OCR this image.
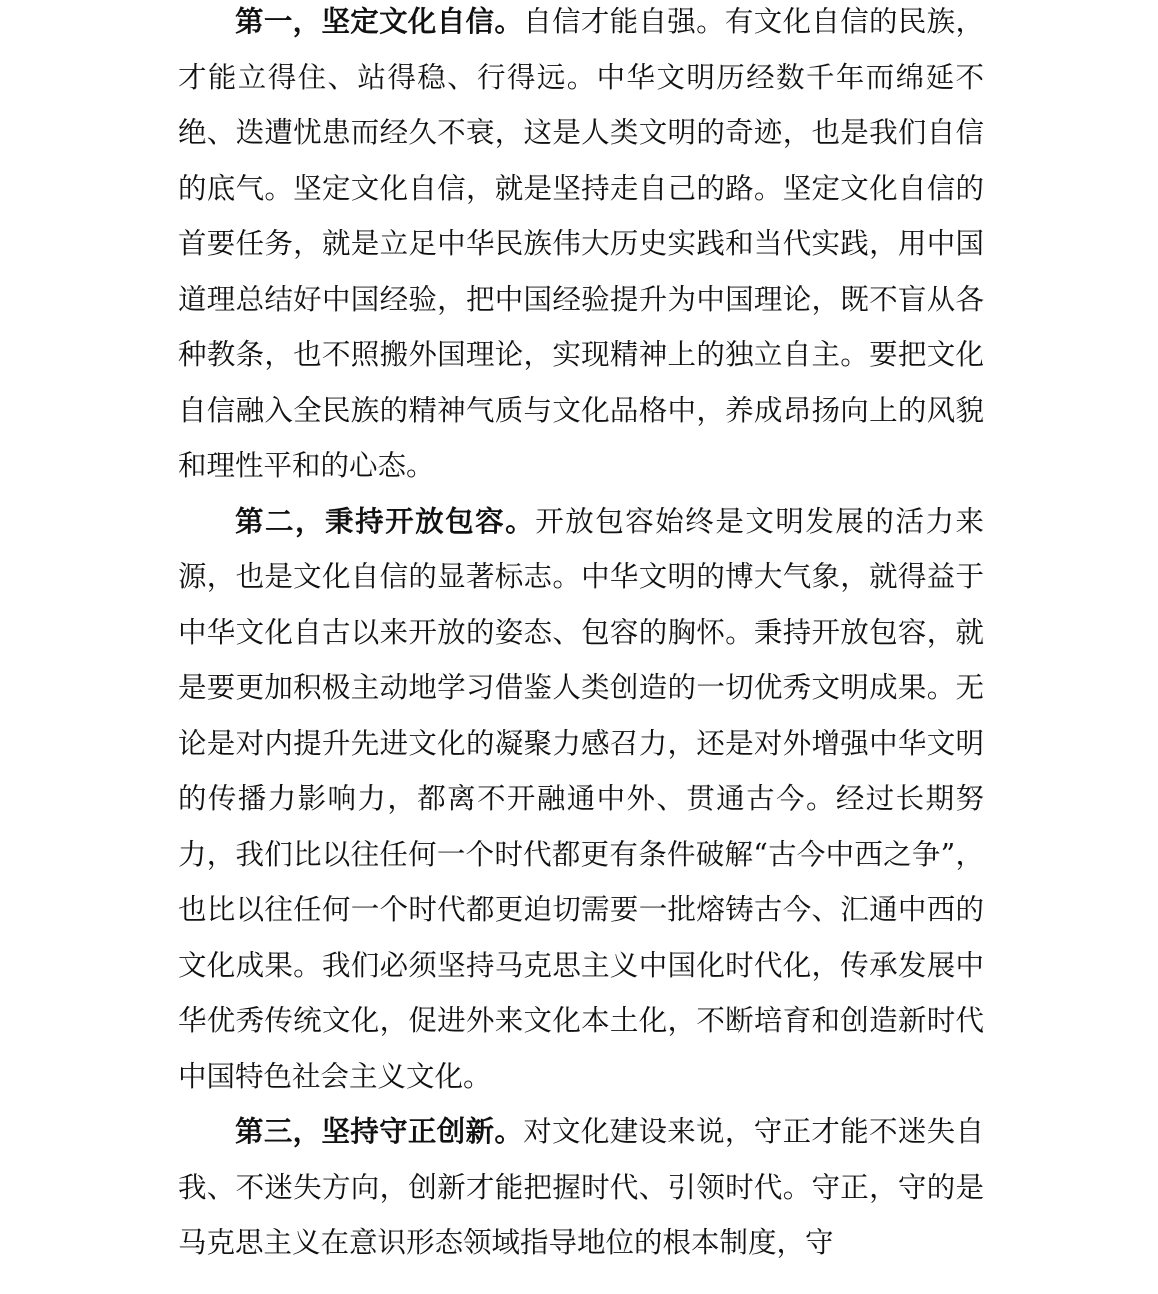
第一，坚定文化自信。自信才能自强。有文化自信的民族，才能立得住、站得稳、行得远。中华文明历经数千年而绵延不绝、迭遭忧患而经久不衰，这是人类文明的奇迹，也是我们自信的底气。坚定文化自信，就是坚持走自己的路。坚定文化自信的首要任务，就是立足中华民族伟大历史实践和当代实践，用中国道理总结好中国经验，把中国经验提升为中国理论，既不盲从各种教条，也不照搬外国理论，实现精神上的独立自主。要把文化自信融入全民族的精神气质与文化品格中，养成昂扬向上的风貌和理性平和的心态。

第二，秉持开放包容。开放包容始终是文明发展的活力来源，也是文化自信的显著标志。中华文明的博大气象，就得益于中华文化自古以来开放的姿态、包容的胸怀。秉持开放包容，就是要更加积极主动地学习借鉴人类创造的一切优秀文明成果。无论是对内提升先进文化的凝聚力感召力，还是对外增强中华文明的传播力影响力，都离不开融通中外、贯通古今。经过长期努力，我们比以往任何一个时代都更有条件破解“古今中西之争”，也比以往任何一个时代都更迫切需要一批熔铸古今、汇通中西的文化成果。我们必须坚持马克思主义中国化时代化，传承发展中华优秀传统文化，促进外来文化本土化，不断培育和创造新时代中国特色社会主义文化。

第三，坚持守正创新。对文化建设来说，守正才能不迷失自我、不迷失方向，创新才能把握时代、引领时代。守正，守的是马克思主义在意识形态领域指导地位的根本制度，守
